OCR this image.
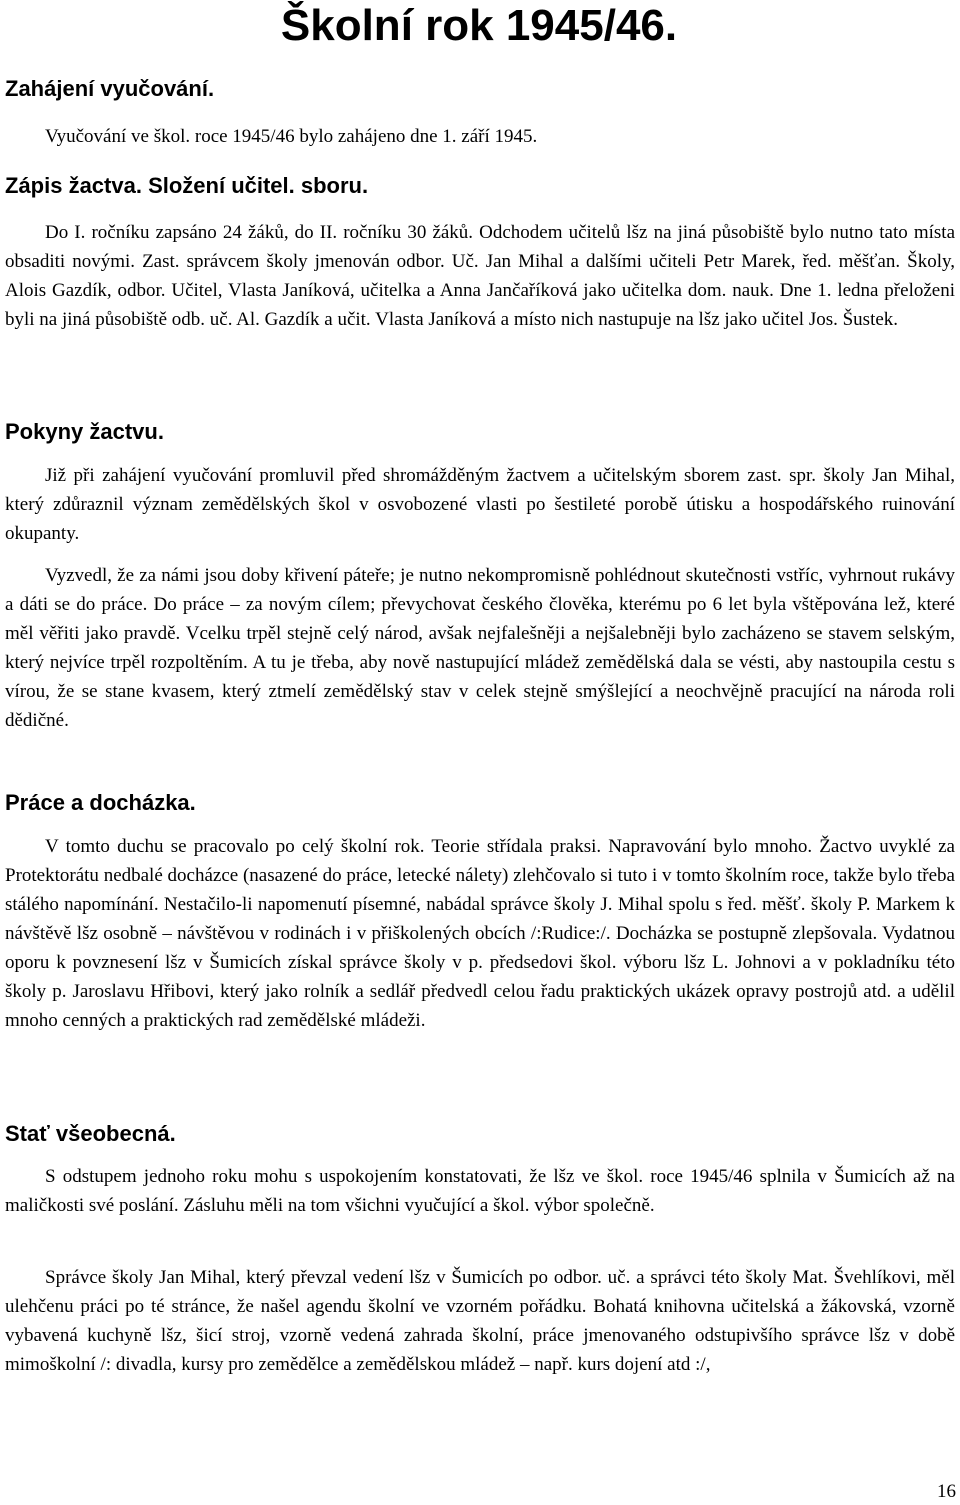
Školní rok 1945/46.
Zahájení vyučování.

Vyučování ve škol. roce 1945/46 bylo zahájeno dne 1. září 1945.

Zápis žactva. Složení učitel. sboru.

Do I. ročníku zapsáno 24 žáků, do II. ročníku 30 žáků. Odchodem učitelů lšz na jiná působiště bylo nutno tato místa obsaditi novými. Zast. správcem školy jmenován odbor. Uč. Jan Mihal a dalšími učiteli Petr Marek, řed. měšťan. Školy, Alois Gazdík, odbor. Učitel, Vlasta Janíková, učitelka a Anna Jančaříková jako učitelka dom. nauk. Dne 1. ledna přeloženi byli na jiná působiště odb. uč. Al. Gazdík a učit. Vlasta Janíková a místo nich nastupuje na lšz jako učitel Jos. Šustek.

Pokyny žactvu.

Již při zahájení vyučování promluvil před shromážděným žactvem a učitelským sborem zast. spr. školy Jan Mihal, který zdůraznil význam zemědělských škol v osvobozené vlasti po šestileté porobě útisku a hospodářského ruinování okupanty.

Vyzvedl, že za námi jsou doby křivení páteře; je nutno nekompromisně pohlédnout skutečnosti vstříc, vyhrnout rukávy a dáti se do práce. Do práce – za novým cílem; převychovat českého člověka, kterému po 6 let byla vštěpována lež, které měl věřiti jako pravdě. Vcelku trpěl stejně celý národ, avšak nejfalešněji a nejšalebněji bylo zacházeno se stavem selským, který nejvíce trpěl rozpoltěním. A tu je třeba, aby nově nastupující mládež zemědělská dala se vésti, aby nastoupila cestu s vírou, že se stane kvasem, který ztmelí zemědělský stav v celek stejně smýšlející a neochvějně pracující na národa roli dědičné.

Práce a docházka.

V tomto duchu se pracovalo po celý školní rok. Teorie střídala praksi. Napravování bylo mnoho. Žactvo uvyklé za Protektorátu nedbalé docházce (nasazené do práce, letecké nálety) zlehčovalo si tuto i v tomto školním roce, takže bylo třeba stálého napomínání. Nestačilo-li napomenutí písemné, nabádal správce školy J. Mihal spolu s řed. měšť. školy P. Markem k návštěvě lšz osobně – návštěvou v rodinách i v přiškolených obcích /:Rudice:/. Docházka se postupně zlepšovala. Vydatnou oporu k povznesení lšz v Šumicích získal správce školy v p. předsedovi škol. výboru lšz L. Johnovi a v pokladníku této školy p. Jaroslavu Hřibovi, který jako rolník a sedlář předvedl celou řadu praktických ukázek opravy postrojů atd. a udělil mnoho cenných a praktických rad zemědělské mládeži.

Stať všeobecná.

S odstupem jednoho roku mohu s uspokojením konstatovati, že lšz ve škol. roce 1945/46 splnila v Šumicích až na maličkosti své poslání. Zásluhu měli na tom všichni vyučující a škol. výbor společně.

Správce školy Jan Mihal, který převzal vedení lšz v Šumicích po odbor. uč. a správci této školy Mat. Švehlíkovi, měl ulehčenu práci po té stránce, že našel agendu školní ve vzorném pořádku. Bohatá knihovna učitelská a žákovská, vzorně vybavená kuchyně lšz, šicí stroj, vzorně vedená zahrada školní, práce jmenovaného odstupivšího správce lšz v době mimoškolní /: divadla, kursy pro zemědělce a zemědělskou mládež – např. kurs dojení atd :/,

16
